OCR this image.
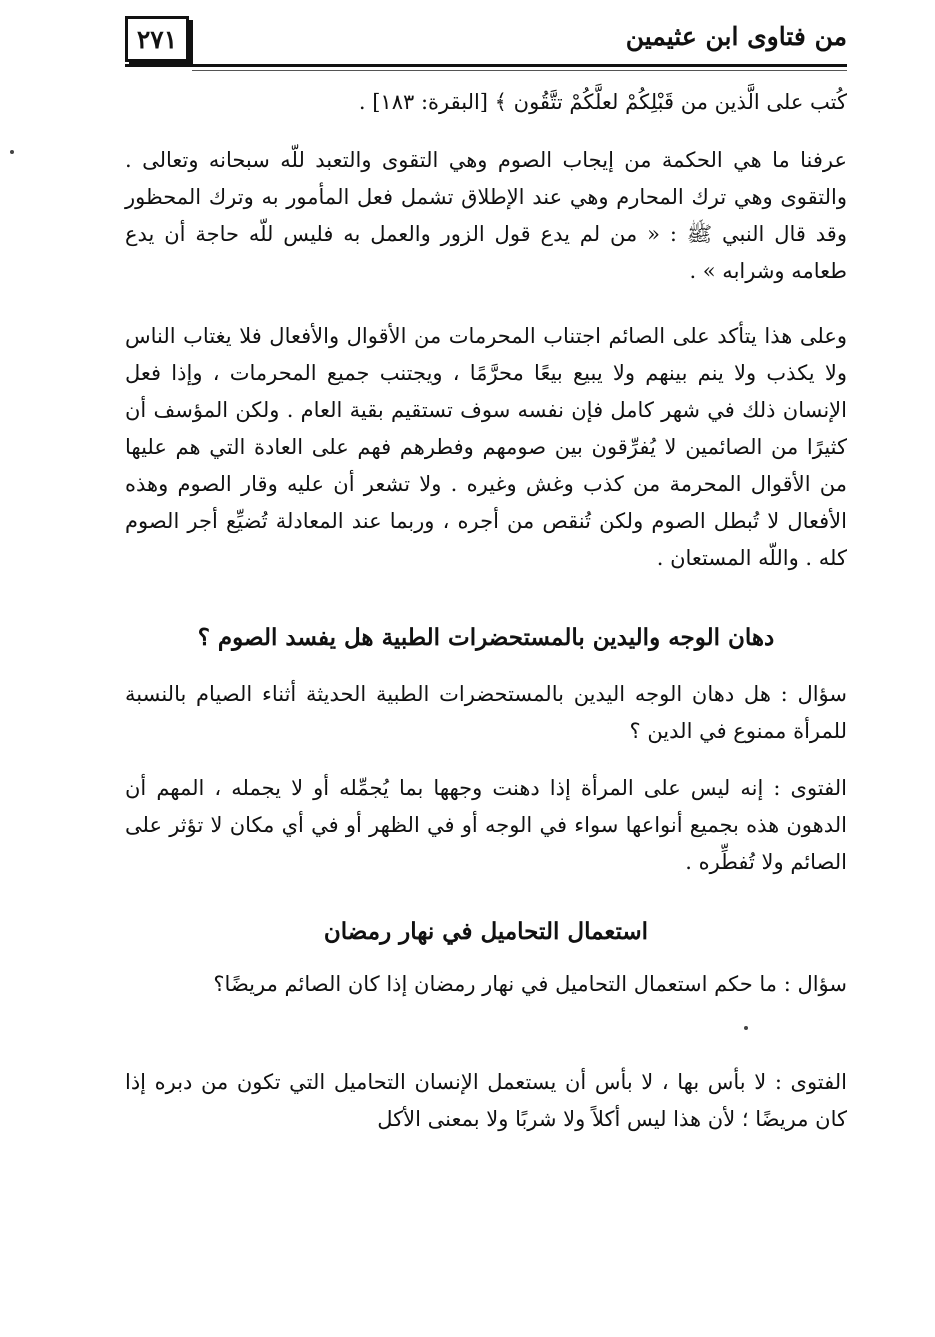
من فتاوى ابن عثيمين
٢٧١

كُتب على الَّذين من قَبْلِكُمْ لعلَّكُمْ تتَّقُون ﴾ [البقرة: ١٨٣] .

عرفنا ما هي الحكمة من إيجاب الصوم وهي التقوى والتعبد للّه سبحانه وتعالى . والتقوى وهي ترك المحارم وهي عند الإطلاق تشمل فعل المأمور به وترك المحظور وقد قال النبي ﷺ : « من لم يدع قول الزور والعمل به فليس للّه حاجة أن يدع طعامه وشرابه » .

وعلى هذا يتأكد على الصائم اجتناب المحرمات من الأقوال والأفعال فلا يغتاب الناس ولا يكذب ولا ينم بينهم ولا يبيع بيعًا محرَّمًا ، ويجتنب جميع المحرمات ، وإذا فعل الإنسان ذلك في شهر كامل فإن نفسه سوف تستقيم بقية العام . ولكن المؤسف أن كثيرًا من الصائمين لا يُفرِّقون بين صومهم وفطرهم فهم على العادة التي هم عليها من الأقوال المحرمة من كذب وغش وغيره . ولا تشعر أن عليه وقار الصوم وهذه الأفعال لا تُبطل الصوم ولكن تُنقص من أجره ، وربما عند المعادلة تُضيِّع أجر الصوم كله . واللّه المستعان .

دهان الوجه واليدين بالمستحضرات الطبية هل يفسد الصوم ؟

سؤال : هل دهان الوجه اليدين بالمستحضرات الطبية الحديثة أثناء الصيام بالنسبة للمرأة ممنوع في الدين ؟

الفتوى : إنه ليس على المرأة إذا دهنت وجهها بما يُجمِّله أو لا يجمله ، المهم أن الدهون هذه بجميع أنواعها سواء في الوجه أو في الظهر أو في أي مكان لا تؤثر على الصائم ولا تُفطِّره .

استعمال التحاميل في نهار رمضان

سؤال : ما حكم استعمال التحاميل في نهار رمضان إذا كان الصائم مريضًا؟

الفتوى : لا بأس بها ، لا بأس أن يستعمل الإنسان التحاميل التي تكون من دبره إذا كان مريضًا ؛ لأن هذا ليس أكلاً ولا شربًا ولا بمعنى الأكل
